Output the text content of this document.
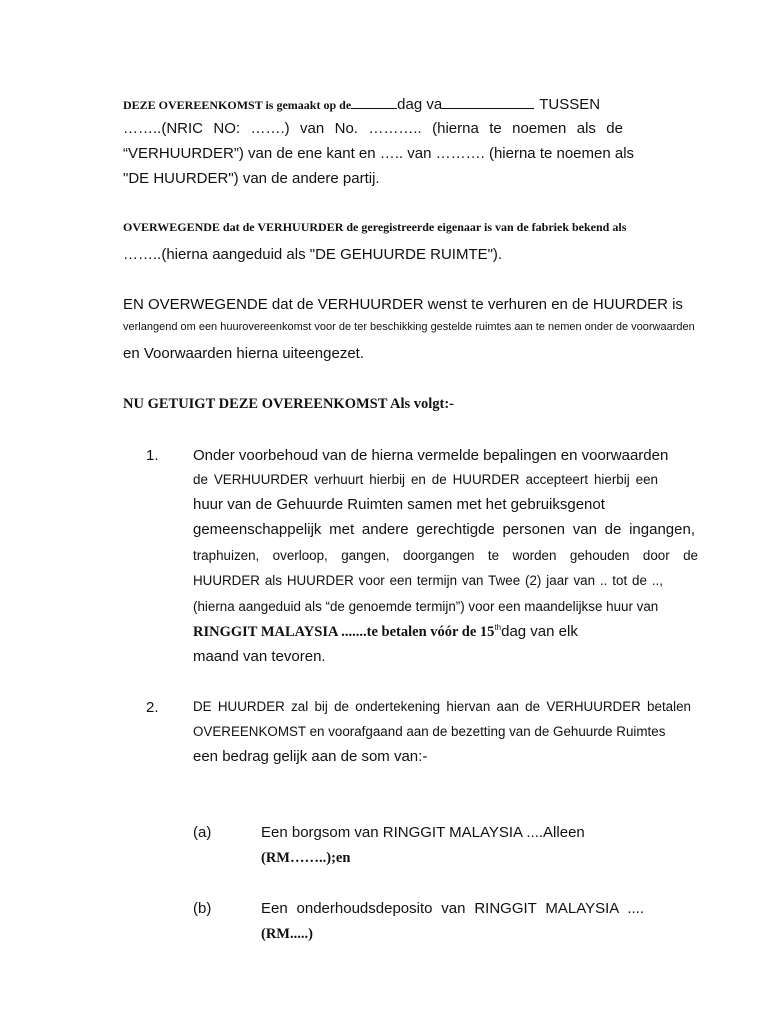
DEZE OVEREENKOMST is gemaakt op de	dag va	TUSSEN
……..(NRIC NO: …….) van No. ……….. (hierna te noemen als de
“VERHUURDER”) van de ene kant en ….. van ………. (hierna te noemen als
"DE HUURDER") van de andere partij.
OVERWEGENDE dat de VERHUURDER de geregistreerde eigenaar is van de fabriek bekend als
……..(hierna aangeduid als "DE GEHUURDE RUIMTE").
EN OVERWEGENDE dat de VERHUURDER wenst te verhuren en de HUURDER is
verlangend om een huurovereenkomst voor de ter beschikking gestelde ruimtes aan te nemen onder de voorwaarden
en Voorwaarden hierna uiteengezet.
NU GETUIGT DEZE OVEREENKOMST Als volgt:-
1. Onder voorbehoud van de hierna vermelde bepalingen en voorwaarden
de VERHUURDER verhuurt hierbij en de HUURDER accepteert hierbij een
huur van de Gehuurde Ruimten samen met het gebruiksgenot
gemeenschappelijk met andere gerechtigde personen van de ingangen,
traphuizen, overloop, gangen, doorgangen te worden gehouden door de
HUURDER als HUURDER voor een termijn van Twee (2) jaar van .. tot de ..,
(hierna aangeduid als “de genoemde termijn”) voor een maandelijkse huur van
RINGGIT MALAYSIA .......te betalen vóór de 15thdag van elk
maand van tevoren.
2.	DE HUURDER zal bij de ondertekening hiervan aan de VERHUURDER betalen
OVEREENKOMST en voorafgaand aan de bezetting van de Gehuurde Ruimtes
een bedrag gelijk aan de som van:-
(a)	Een borgsom van RINGGIT MALAYSIA ....Alleen
(RM……..);en
(b)	Een onderhoudsdeposito van RINGGIT MALAYSIA ....
(RM.....)
